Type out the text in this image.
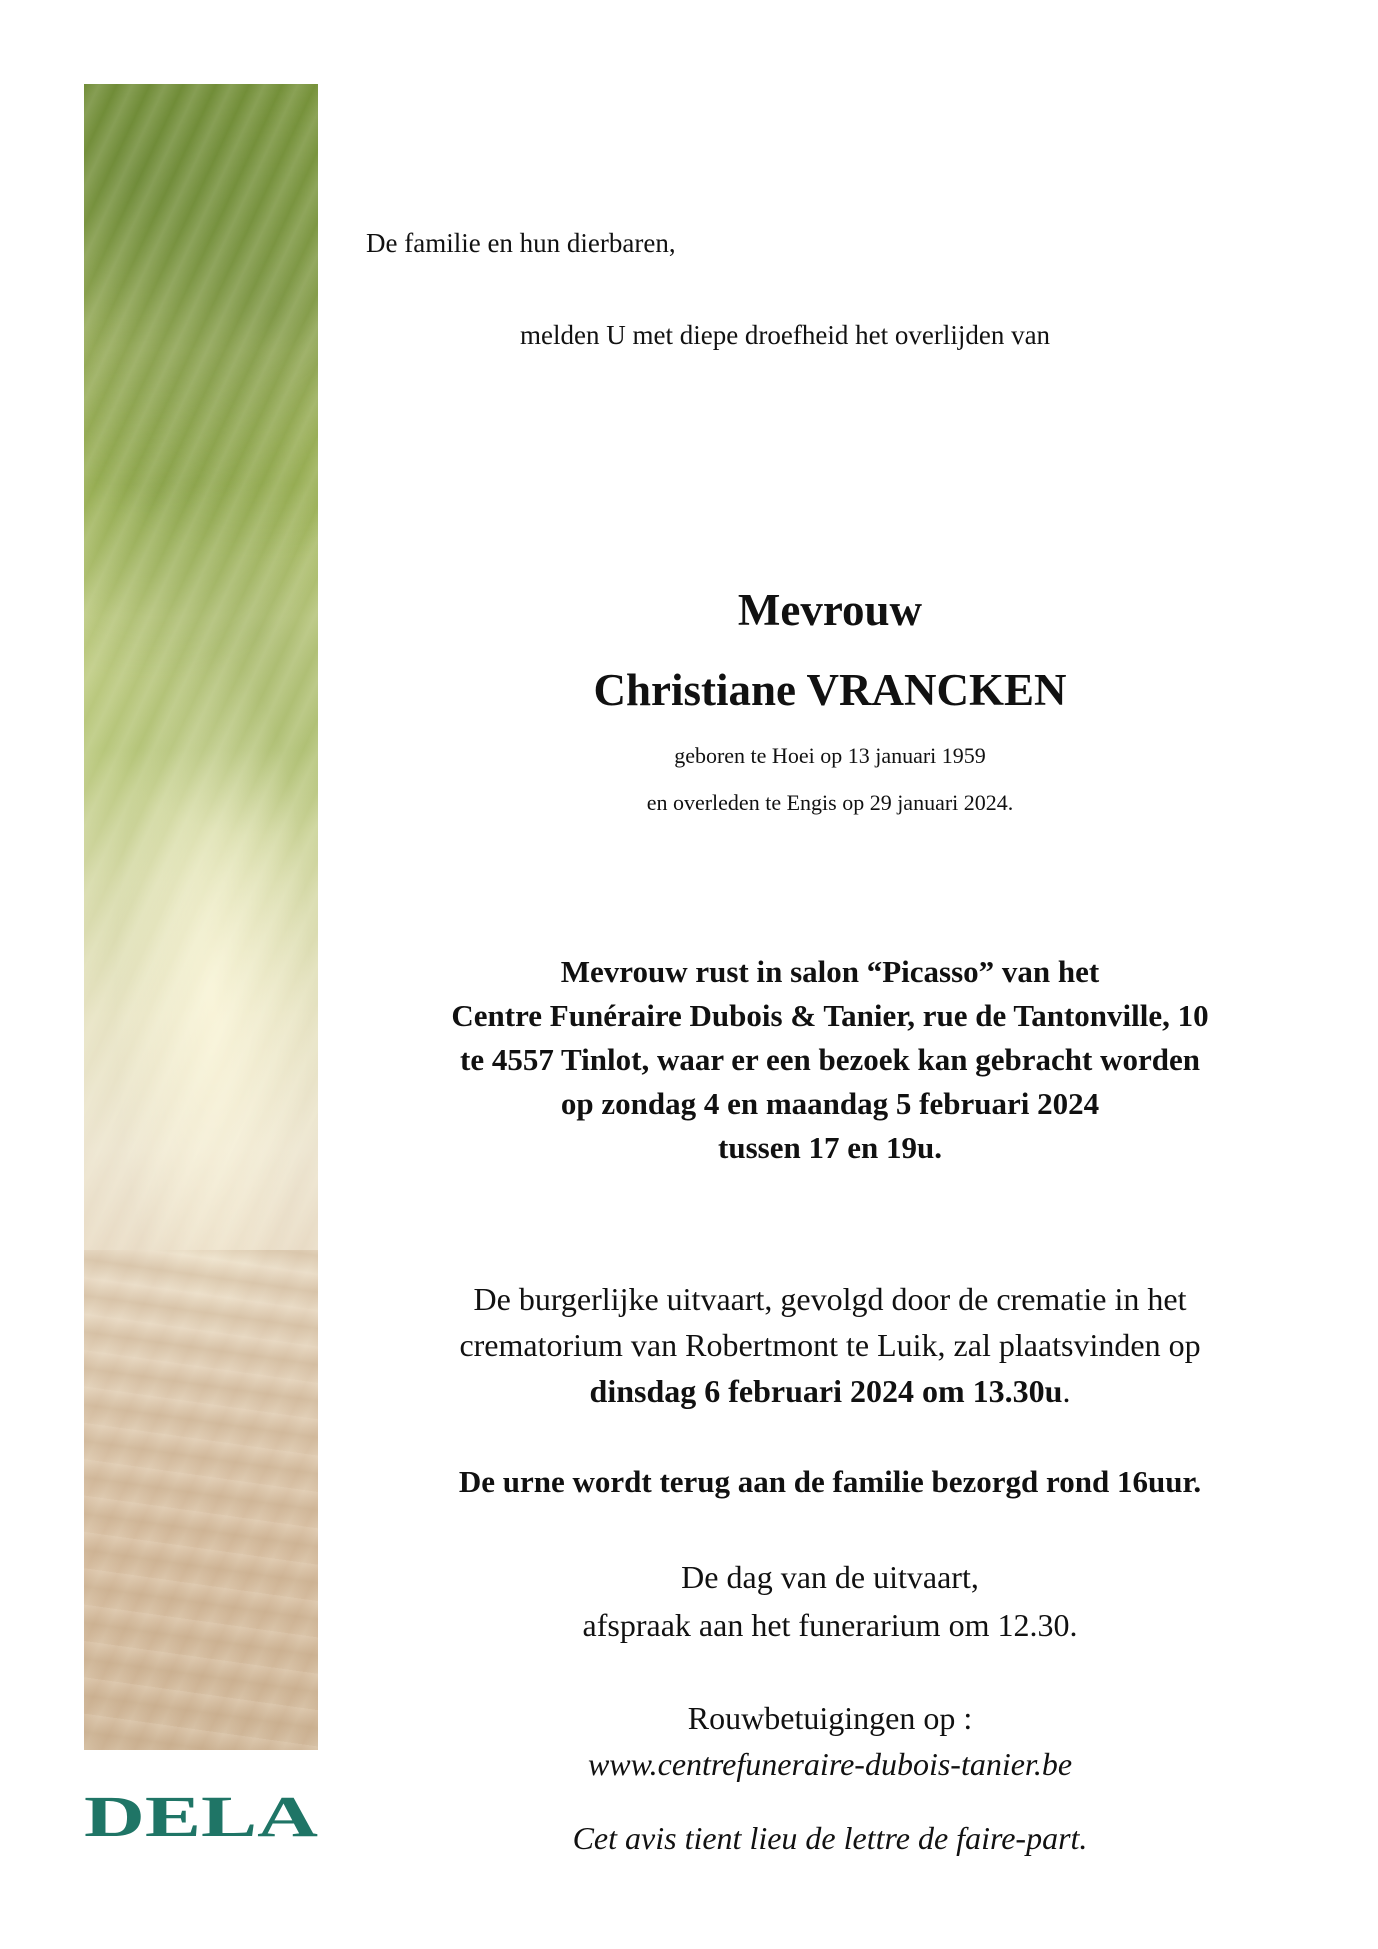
DELA

De familie en hun dierbaren,

melden U met diepe droefheid het overlijden van

Mevrouw

Christiane VRANCKEN

geboren te Hoei op 13 januari 1959

en overleden te Engis op 29 januari 2024.

Mevrouw rust in salon “Picasso” van het
Centre Funéraire Dubois & Tanier, rue de Tantonville, 10
te 4557 Tinlot, waar er een bezoek kan gebracht worden
op zondag 4 en maandag 5 februari 2024
tussen 17 en 19u.
De burgerlijke uitvaart, gevolgd door de crematie in het
crematorium van Robertmont te Luik, zal plaatsvinden op
dinsdag 6 februari 2024 om 13.30u.

De urne wordt terug aan de familie bezorgd rond 16uur.

De dag van de uitvaart,
afspraak aan het funerarium om 12.30.
Rouwbetuigingen op :
www.centrefuneraire-dubois-tanier.be

Cet avis tient lieu de lettre de faire-part.
